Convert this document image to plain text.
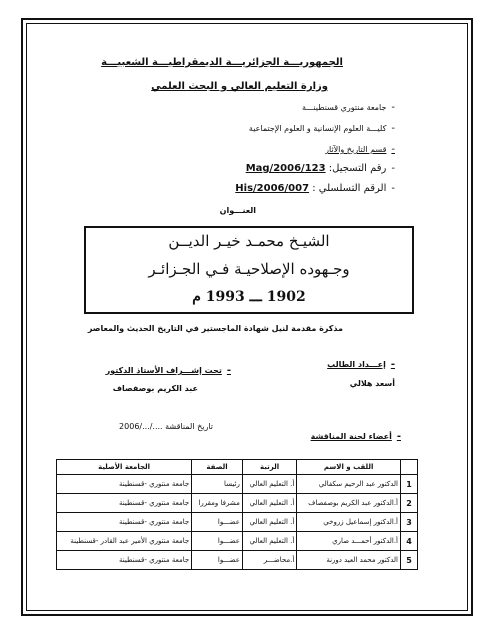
الجمهوريـــة الجزائريـــة الديمقراطيـــة الشعبيـــة
وزارة التعليم العالي و البحث العلمي
-جامعة منتوري قسنطينـــة
-كليـــة العلوم الإنسانية و العلوم الإجتماعية
-قسم التاريخ والآثار
-رقم التسجيل: 123/Mag/2006
-الرقم التسلسلي : 007/His/2006
العنـــوان
الشيـخ محمـد خيـر الديــن
وجـهوده الإصلاحيـة فـي الجـزائـر
1902 ـــ 1993 م
مذكرة مقدمة لنيل شهادة الماجستير في التاريخ الحديث والمعاصر
-إعـــداد الطالب
أسعد هلالي
-تحت إشـــراف الأستاذ الدكتور
عبد الكريم بوصفصاف
تاريخ المناقشة ..../.../2006
-أعضاء لجنة المناقشة
	اللقب و الاسم	الرتبة	الصفة	الجامعة الأصلية
1	الدكتور عبد الرحيم سكفالي	أ. التعليم العالي	رئيسا	جامعة منتوري -قسنطينة
2	أ.الدكتور عبد الكريم بوصفصاف	أ. التعليم العالي	مشرفا ومقررا	جامعة منتوري -قسنطينة
3	أ.الدكتور إسماعيل زروخي	أ. التعليم العالي	عضـــوا	جامعة منتوري -قسنطينة
4	أ.الدكتور أحمـــد صاري	أ. التعليم العالي	عضـــوا	جامعة منتوري الأمير عبد القادر -قسنطينة
5	الدكتور محمد العيد دورنة	أ.محاضـــر	عضـــوا	جامعة منتوري -قسنطينة
